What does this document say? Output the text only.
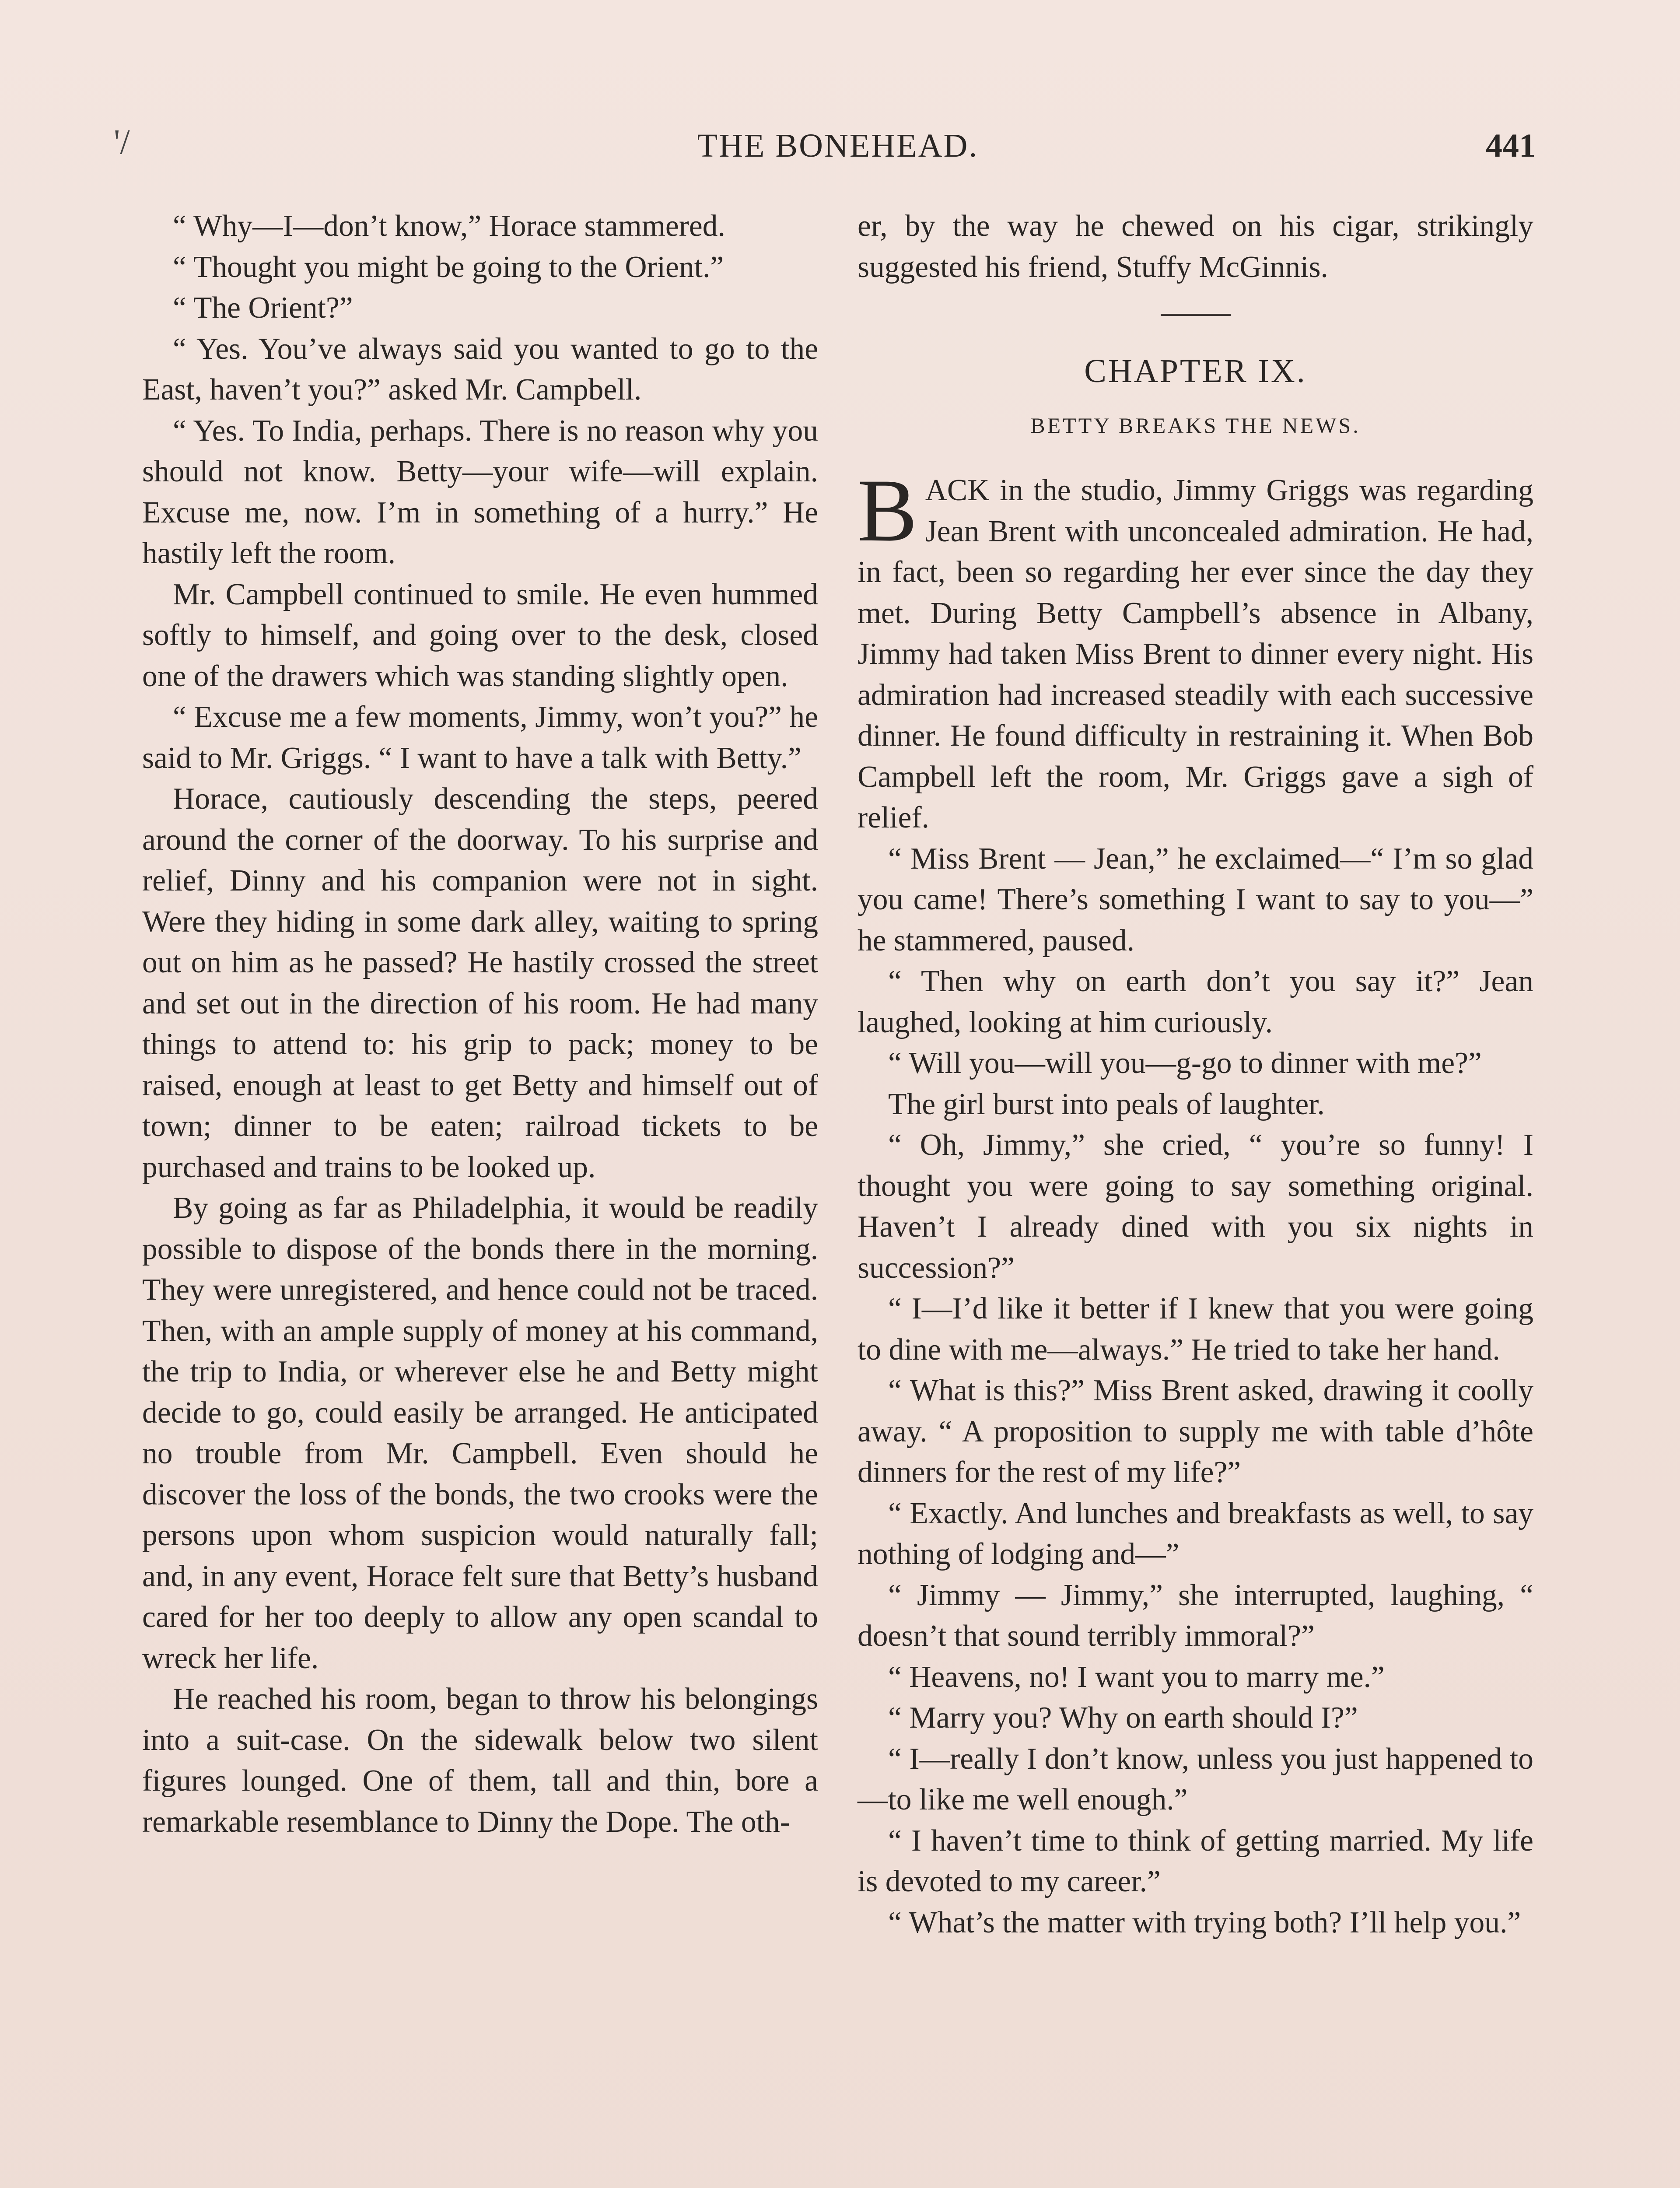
'/	THE BONEHEAD.	441

“ Why—I—don’t know,” Horace stammered.

“ Thought you might be going to the Orient.”

“ The Orient?”

“ Yes. You’ve always said you wanted to go to the East, haven’t you?” asked Mr. Campbell.

“ Yes. To India, perhaps. There is no reason why you should not know. Betty—your wife—will explain. Excuse me, now. I’m in something of a hurry.” He hastily left the room.

Mr. Campbell continued to smile. He even hummed softly to himself, and going over to the desk, closed one of the drawers which was standing slightly open.

“ Excuse me a few moments, Jimmy, won’t you?” he said to Mr. Griggs. “ I want to have a talk with Betty.”

Horace, cautiously descending the steps, peered around the corner of the doorway. To his surprise and relief, Dinny and his companion were not in sight. Were they hiding in some dark alley, waiting to spring out on him as he passed? He hastily crossed the street and set out in the direction of his room. He had many things to attend to: his grip to pack; money to be raised, enough at least to get Betty and himself out of town; dinner to be eaten; railroad tickets to be purchased and trains to be looked up.

By going as far as Philadelphia, it would be readily possible to dispose of the bonds there in the morning. They were unregistered, and hence could not be traced. Then, with an ample supply of money at his command, the trip to India, or wherever else he and Betty might decide to go, could easily be arranged. He anticipated no trouble from Mr. Campbell. Even should he discover the loss of the bonds, the two crooks were the persons upon whom suspicion would naturally fall; and, in any event, Horace felt sure that Betty’s husband cared for her too deeply to allow any open scandal to wreck her life.

He reached his room, began to throw his belongings into a suit-case. On the sidewalk below two silent figures lounged. One of them, tall and thin, bore a remarkable resemblance to Dinny the Dope. The oth-

er, by the way he chewed on his cigar, strikingly suggested his friend, Stuffy McGinnis.

CHAPTER IX.
BETTY BREAKS THE NEWS.

BACK in the studio, Jimmy Griggs was regarding Jean Brent with unconcealed admiration. He had, in fact, been so regarding her ever since the day they met. During Betty Campbell’s absence in Albany, Jimmy had taken Miss Brent to dinner every night. His admiration had increased steadily with each successive dinner. He found difficulty in restraining it. When Bob Campbell left the room, Mr. Griggs gave a sigh of relief.

“ Miss Brent — Jean,” he exclaimed—“ I’m so glad you came! There’s something I want to say to you—” he stammered, paused.

“ Then why on earth don’t you say it?” Jean laughed, looking at him curiously.

“ Will you—will you—g-go to dinner with me?”

The girl burst into peals of laughter.

“ Oh, Jimmy,” she cried, “ you’re so funny! I thought you were going to say something original. Haven’t I already dined with you six nights in succession?”

“ I—I’d like it better if I knew that you were going to dine with me—always.” He tried to take her hand.

“ What is this?” Miss Brent asked, drawing it coolly away. “ A proposition to supply me with table d’hôte dinners for the rest of my life?”

“ Exactly. And lunches and breakfasts as well, to say nothing of lodging and—”

“ Jimmy — Jimmy,” she interrupted, laughing, “ doesn’t that sound terribly immoral?”

“ Heavens, no! I want you to marry me.”

“ Marry you? Why on earth should I?”

“ I—really I don’t know, unless you just happened to—to like me well enough.”

“ I haven’t time to think of getting married. My life is devoted to my career.”

“ What’s the matter with trying both? I’ll help you.”
